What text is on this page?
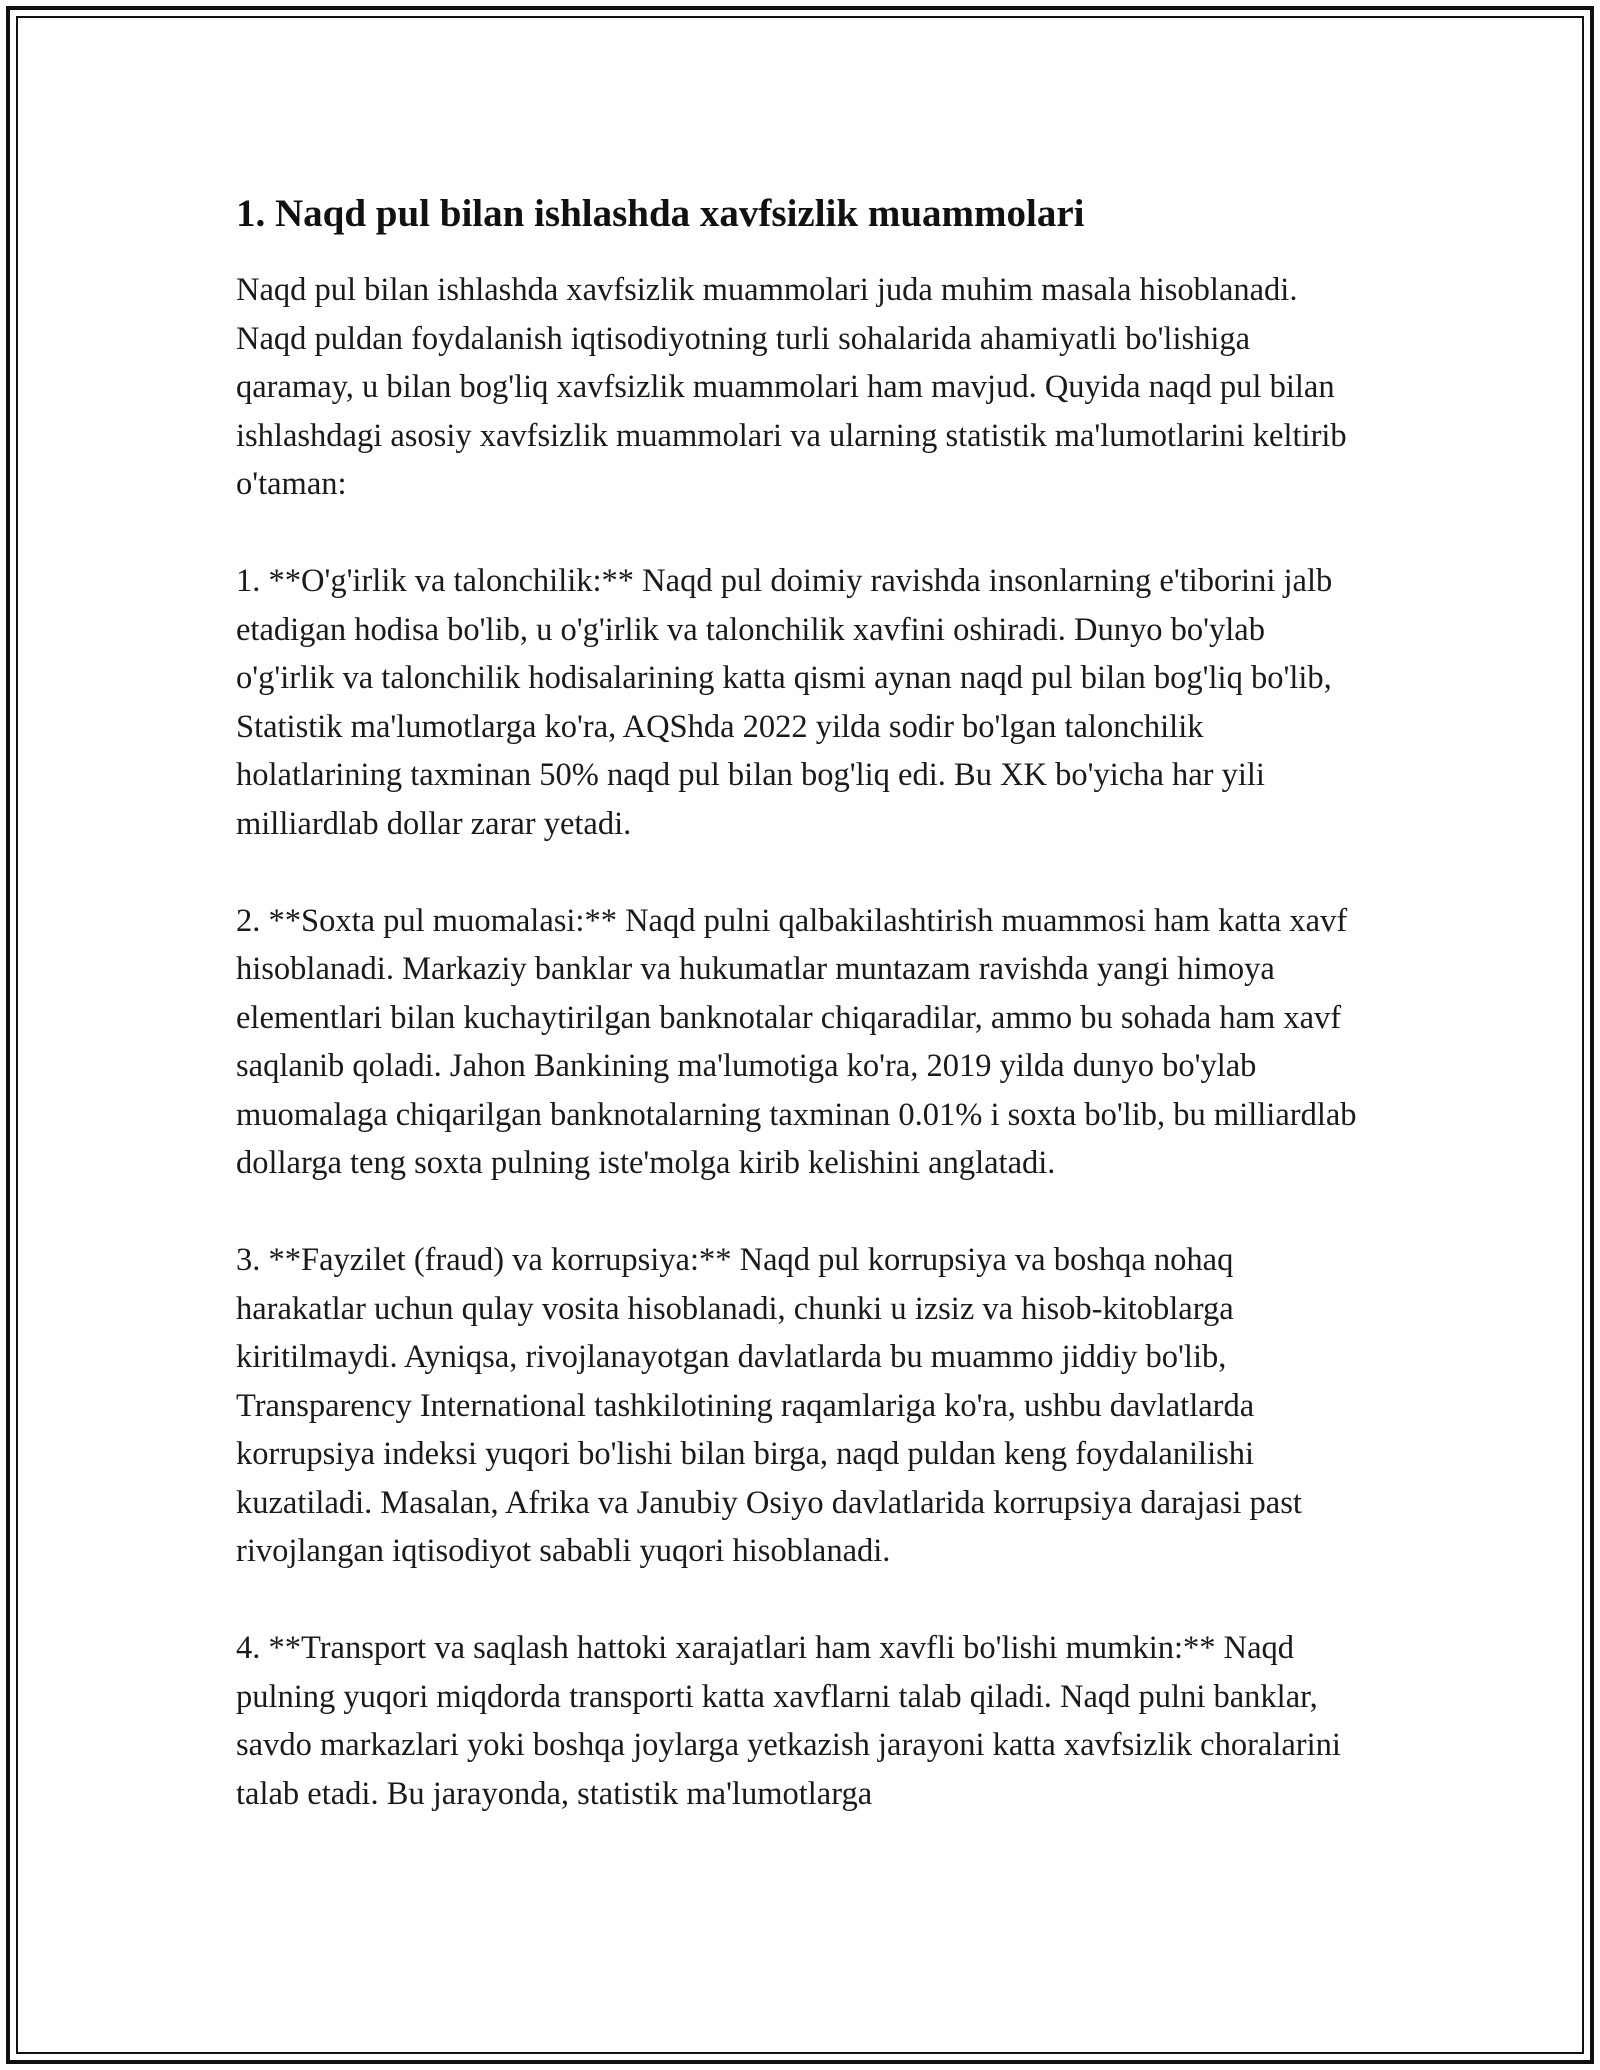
1. Naqd pul bilan ishlashda xavfsizlik muammolari

Naqd pul bilan ishlashda xavfsizlik muammolari juda muhim masala hisoblanadi. Naqd puldan foydalanish iqtisodiyotning turli sohalarida ahamiyatli bo'lishiga qaramay, u bilan bog'liq xavfsizlik muammolari ham mavjud. Quyida naqd pul bilan ishlashdagi asosiy xavfsizlik muammolari va ularning statistik ma'lumotlarini keltirib o'taman:

1. **O'g'irlik va talonchilik:** Naqd pul doimiy ravishda insonlarning e'tiborini jalb etadigan hodisa bo'lib, u o'g'irlik va talonchilik xavfini oshiradi. Dunyo bo'ylab o'g'irlik va talonchilik hodisalarining katta qismi aynan naqd pul bilan bog'liq bo'lib, Statistik ma'lumotlarga ko'ra, AQShda 2022 yilda sodir bo'lgan talonchilik holatlarining taxminan 50% naqd pul bilan bog'liq edi. Bu XK bo'yicha har yili milliardlab dollar zarar yetadi.

2. **Soxta pul muomalasi:** Naqd pulni qalbakilashtirish muammosi ham katta xavf hisoblanadi. Markaziy banklar va hukumatlar muntazam ravishda yangi himoya elementlari bilan kuchaytirilgan banknotalar chiqaradilar, ammo bu sohada ham xavf saqlanib qoladi. Jahon Bankining ma'lumotiga ko'ra, 2019 yilda dunyo bo'ylab muomalaga chiqarilgan banknotalarning taxminan 0.01% i soxta bo'lib, bu milliardlab dollarga teng soxta pulning iste'molga kirib kelishini anglatadi.

3. **Fayzilet (fraud) va korrupsiya:** Naqd pul korrupsiya va boshqa nohaq harakatlar uchun qulay vosita hisoblanadi, chunki u izsiz va hisob-kitoblarga kiritilmaydi. Ayniqsa, rivojlanayotgan davlatlarda bu muammo jiddiy bo'lib, Transparency International tashkilotining raqamlariga ko'ra, ushbu davlatlarda korrupsiya indeksi yuqori bo'lishi bilan birga, naqd puldan keng foydalanilishi kuzatiladi. Masalan, Afrika va Janubiy Osiyo davlatlarida korrupsiya darajasi past rivojlangan iqtisodiyot sababli yuqori hisoblanadi.

4. **Transport va saqlash hattoki xarajatlari ham xavfli bo'lishi mumkin:** Naqd pulning yuqori miqdorda transporti katta xavflarni talab qiladi. Naqd pulni banklar, savdo markazlari yoki boshqa joylarga yetkazish jarayoni katta xavfsizlik choralarini talab etadi. Bu jarayonda, statistik ma'lumotlarga
